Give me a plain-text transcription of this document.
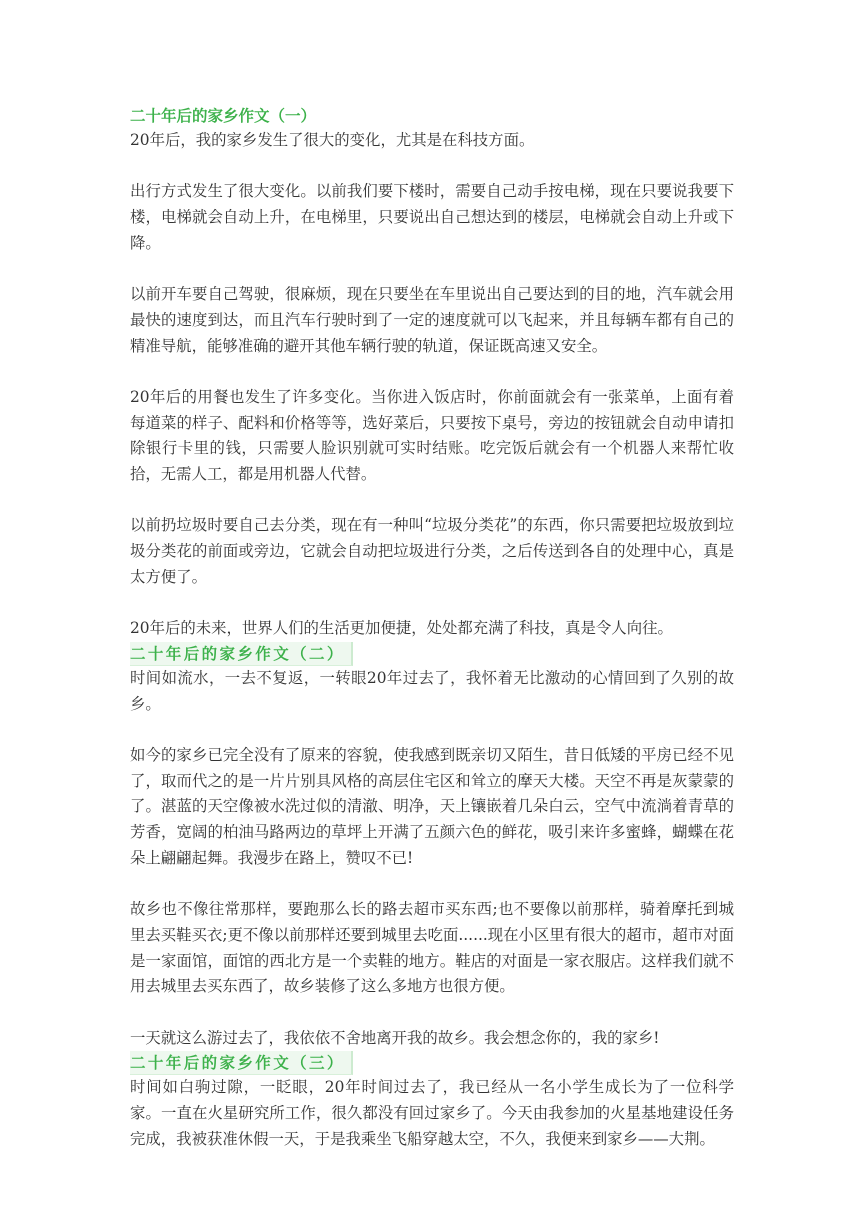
二十年后的家乡作文（一）

20年后，我的家乡发生了很大的变化，尤其是在科技方面。

出行方式发生了很大变化。以前我们要下楼时，需要自己动手按电梯，现在只要说我要下楼，电梯就会自动上升，在电梯里，只要说出自己想达到的楼层，电梯就会自动上升或下降。

以前开车要自己驾驶，很麻烦，现在只要坐在车里说出自己要达到的目的地，汽车就会用最快的速度到达，而且汽车行驶时到了一定的速度就可以飞起来，并且每辆车都有自己的精准导航，能够准确的避开其他车辆行驶的轨道，保证既高速又安全。

20年后的用餐也发生了许多变化。当你进入饭店时，你前面就会有一张菜单，上面有着每道菜的样子、配料和价格等等，选好菜后，只要按下桌号，旁边的按钮就会自动申请扣除银行卡里的钱，只需要人脸识别就可实时结账。吃完饭后就会有一个机器人来帮忙收拾，无需人工，都是用机器人代替。

以前扔垃圾时要自己去分类，现在有一种叫“垃圾分类花”的东西，你只需要把垃圾放到垃圾分类花的前面或旁边，它就会自动把垃圾进行分类，之后传送到各自的处理中心，真是太方便了。

20年后的未来，世界人们的生活更加便捷，处处都充满了科技，真是令人向往。

二十年后的家乡作文（二）

时间如流水，一去不复返，一转眼20年过去了，我怀着无比激动的心情回到了久别的故乡。

如今的家乡已完全没有了原来的容貌，使我感到既亲切又陌生，昔日低矮的平房已经不见了，取而代之的是一片片别具风格的高层住宅区和耸立的摩天大楼。天空不再是灰蒙蒙的了。湛蓝的天空像被水洗过似的清澈、明净，天上镶嵌着几朵白云，空气中流淌着青草的芳香，宽阔的柏油马路两边的草坪上开满了五颜六色的鲜花，吸引来许多蜜蜂，蝴蝶在花朵上翩翩起舞。我漫步在路上，赞叹不已!

故乡也不像往常那样，要跑那么长的路去超市买东西;也不要像以前那样，骑着摩托到城里去买鞋买衣;更不像以前那样还要到城里去吃面......现在小区里有很大的超市，超市对面是一家面馆，面馆的西北方是一个卖鞋的地方。鞋店的对面是一家衣服店。这样我们就不用去城里去买东西了，故乡装修了这么多地方也很方便。

一天就这么游过去了，我依依不舍地离开我的故乡。我会想念你的，我的家乡!

二十年后的家乡作文（三）

时间如白驹过隙，一眨眼，20年时间过去了，我已经从一名小学生成长为了一位科学家。一直在火星研究所工作，很久都没有回过家乡了。今天由我参加的火星基地建设任务完成，我被获准休假一天，于是我乘坐飞船穿越太空，不久，我便来到家乡——大荆。
